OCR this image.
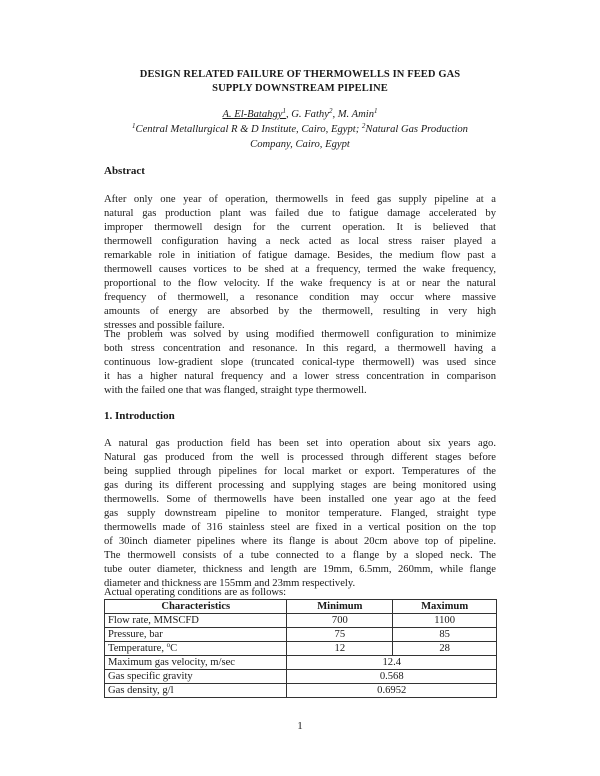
DESIGN RELATED FAILURE OF THERMOWELLS IN FEED GAS
SUPPLY DOWNSTREAM PIPELINE
A. El-Batahgy$^1$, G. Fathy$^2$, M. Amin$^1$
$^1$Central Metallurgical R & D Institute, Cairo, Egypt; $^2$Natural Gas Production
Company, Cairo, Egypt
Abstract
After only one year of operation, thermowells in feed gas supply pipeline at a
natural gas production plant was failed due to fatigue damage accelerated by
improper thermowell design for the current operation. It is believed that
thermowell configuration having a neck acted as local stress raiser played a
remarkable role in initiation of fatigue damage. Besides, the medium flow past a
thermowell causes vortices to be shed at a frequency, termed the wake frequency,
proportional to the flow velocity. If the wake frequency is at or near the natural
frequency of thermowell, a resonance condition may occur where massive
amounts of energy are absorbed by the thermowell, resulting in very high
stresses and possible failure.
The problem was solved by using modified thermowell configuration to minimize
both stress concentration and resonance. In this regard, a thermowell having a
continuous low-gradient slope (truncated conical-type thermowell) was used since
it has a higher natural frequency and a lower stress concentration in comparison
with the failed one that was flanged, straight type thermowell.
1. Introduction
A natural gas production field has been set into operation about six years ago.
Natural gas produced from the well is processed through different stages before
being supplied through pipelines for local market or export. Temperatures of the
gas during its different processing and supplying stages are being monitored using
thermowells. Some of thermowells have been installed one year ago at the feed
gas supply downstream pipeline to monitor temperature. Flanged, straight type
thermowells made of 316 stainless steel are fixed in a vertical position on the top
of 30inch diameter pipelines where its flange is about 20cm above top of pipeline.
The thermowell consists of a tube connected to a flange by a sloped neck. The
tube outer diameter, thickness and length are 19mm, 6.5mm, 260mm, while flange
diameter and thickness are 155mm and 23mm respectively.
Actual operating conditions are as follows:
Characteristics	Minimum	Maximum
Flow rate, MMSCFD	700	1100
Pressure, bar	75	85
Temperature, $^o$C	12	28
Maximum gas velocity, m/sec	12.4	
Gas specific gravity	0.568	
Gas density, g/l	0.6952	
1
